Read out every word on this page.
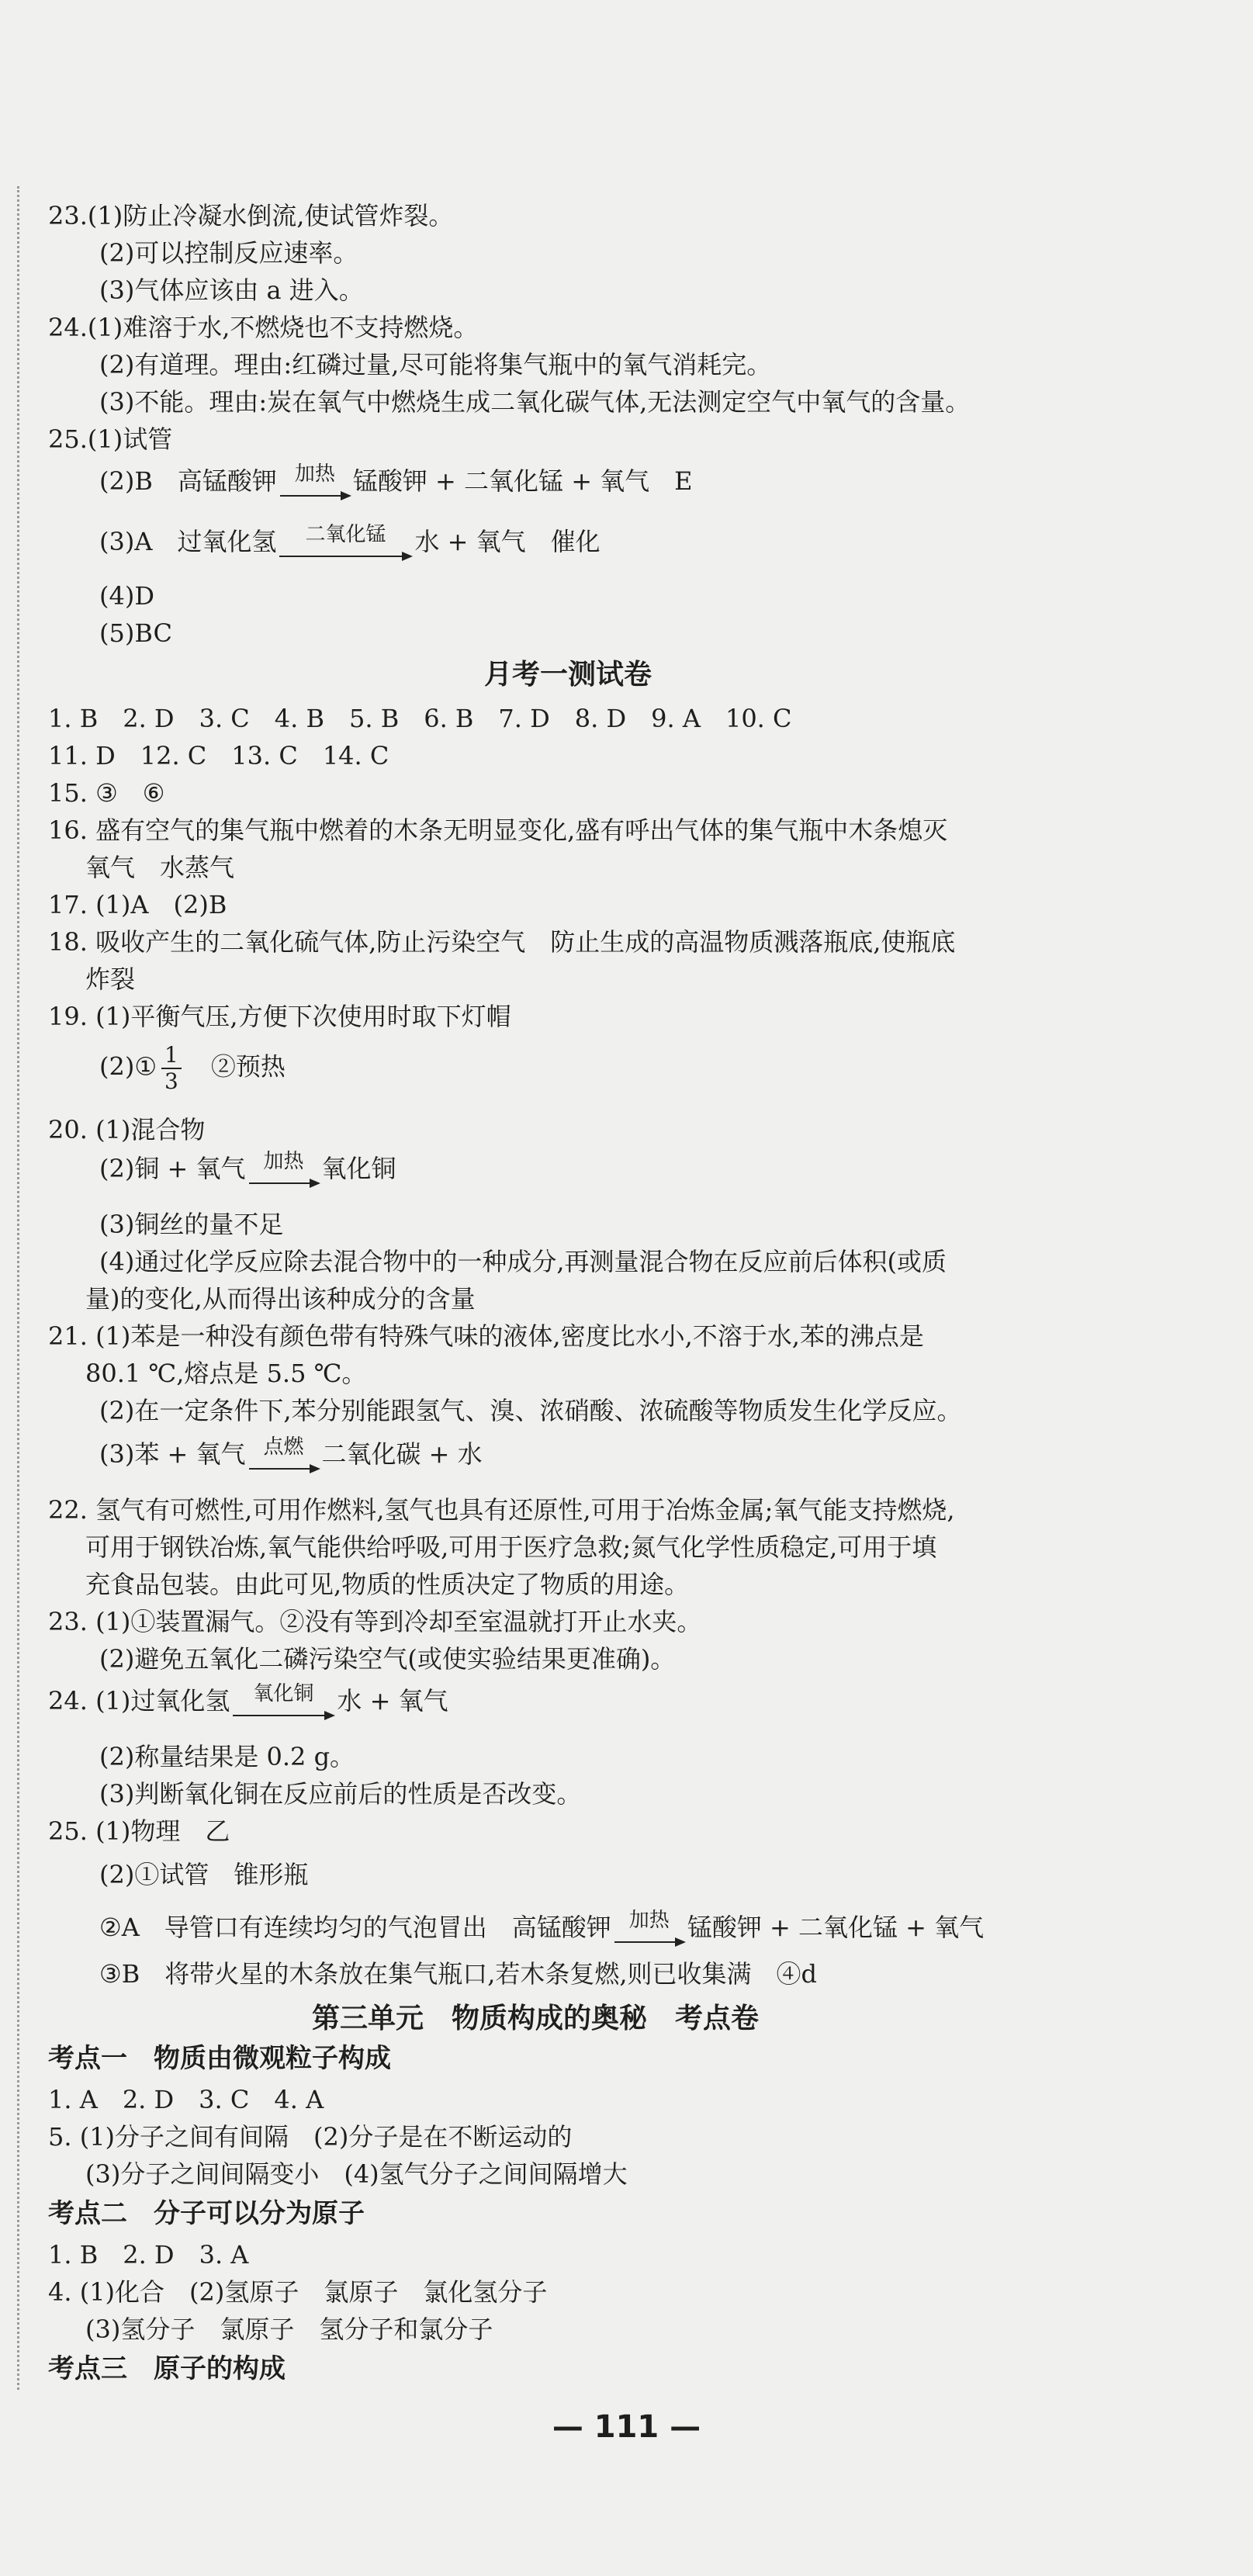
23.(1)防止冷凝水倒流,使试管炸裂。
(2)可以控制反应速率。
(3)气体应该由 a 进入。
24.(1)难溶于水,不燃烧也不支持燃烧。
(2)有道理。理由:红磷过量,尽可能将集气瓶中的氧气消耗完。
(3)不能。理由:炭在氧气中燃烧生成二氧化碳气体,无法测定空气中氧气的含量。
25.(1)试管
(2)B　高锰酸钾 加热 锰酸钾 + 二氧化锰 + 氧气　E
(3)A　过氧化氢	二氧化锰	水 + 氧气　催化
(4)D
(5)BC
月考一测试卷
1. B　2. D　3. C　4. B　5. B　6. B　7. D　8. D　9. A　10. C
11. D　12. C　13. C　14. C
15. ③　⑥
16. 盛有空气的集气瓶中燃着的木条无明显变化,盛有呼出气体的集气瓶中木条熄灭
氧气　水蒸气
17. (1)A　(2)B
18. 吸收产生的二氧化硫气体,防止污染空气　防止生成的高温物质溅落瓶底,使瓶底
炸裂
19. (1)平衡气压,方便下次使用时取下灯帽
(2)① $\frac{1}{3}$ 　②预热
20. (1)混合物
(2)铜 + 氧气 加热 氧化铜
(3)铜丝的量不足
(4)通过化学反应除去混合物中的一种成分,再测量混合物在反应前后体积(或质
量)的变化,从而得出该种成分的含量
21. (1)苯是一种没有颜色带有特殊气味的液体,密度比水小,不溶于水,苯的沸点是
80.1 ℃,熔点是 5.5 ℃。
(2)在一定条件下,苯分别能跟氢气、溴、浓硝酸、浓硫酸等物质发生化学反应。
(3)苯 + 氧气 点燃 二氧化碳 + 水
22. 氢气有可燃性,可用作燃料,氢气也具有还原性,可用于冶炼金属;氧气能支持燃烧,
可用于钢铁冶炼,氧气能供给呼吸,可用于医疗急救;氮气化学性质稳定,可用于填
充食品包装。由此可见,物质的性质决定了物质的用途。
23. (1)①装置漏气。②没有等到冷却至室温就打开止水夹。
(2)避免五氧化二磷污染空气(或使实验结果更准确)。
24. (1)过氧化氢	氧化铜 水 + 氧气
(2)称量结果是 0.2 g。
(3)判断氧化铜在反应前后的性质是否改变。
25. (1)物理　乙
(2)①试管　锥形瓶
②A　导管口有连续均匀的气泡冒出　高锰酸钾 加热 锰酸钾 + 二氧化锰 + 氧气
③B　将带火星的木条放在集气瓶口,若木条复燃,则已收集满　④d
第三单元　物质构成的奥秘　考点卷
考点一　物质由微观粒子构成
1. A　2. D　3. C　4. A
5. (1)分子之间有间隔　(2)分子是在不断运动的
(3)分子之间间隔变小　(4)氢气分子之间间隔增大
考点二　分子可以分为原子
1. B　2. D　3. A
4. (1)化合　(2)氢原子　氯原子　氯化氢分子
(3)氢分子　氯原子　氢分子和氯分子
考点三　原子的构成
— 111 —
